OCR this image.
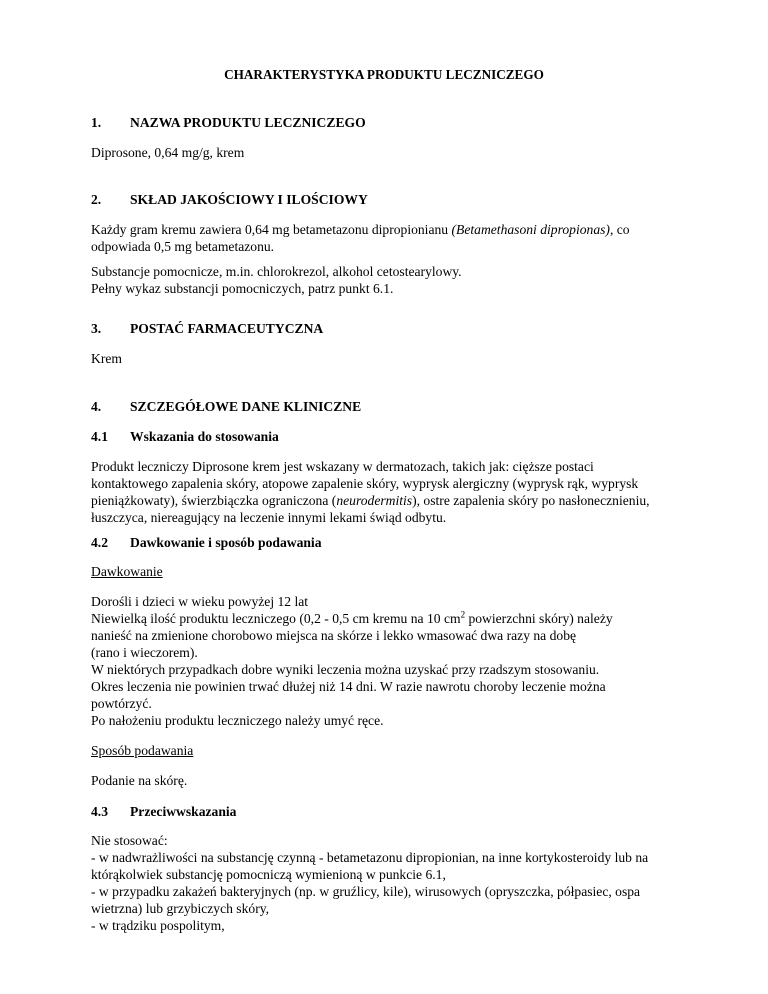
CHARAKTERYSTYKA PRODUKTU LECZNICZEGO
1. NAZWA PRODUKTU LECZNICZEGO

Diprosone, 0,64 mg/g, krem

2. SKŁAD JAKOŚCIOWY I ILOŚCIOWY

Każdy gram kremu zawiera 0,64 mg betametazonu dipropionianu (Betamethasoni dipropionas), co
odpowiada 0,5 mg betametazonu.

Substancje pomocnicze, m.in. chlorokrezol, alkohol cetostearylowy.
Pełny wykaz substancji pomocniczych, patrz punkt 6.1.

3. POSTAĆ FARMACEUTYCZNA

Krem

4. SZCZEGÓŁOWE DANE KLINICZNE
4.1 Wskazania do stosowania

Produkt leczniczy Diprosone krem jest wskazany w dermatozach, takich jak: cięższe postaci
kontaktowego zapalenia skóry, atopowe zapalenie skóry, wyprysk alergiczny (wyprysk rąk, wyprysk
pieniążkowaty), świerzbiączka ograniczona (neurodermitis), ostre zapalenia skóry po nasłonecznieniu,
łuszczyca, niereagujący na leczenie innymi lekami świąd odbytu.

4.2 Dawkowanie i sposób podawania

Dawkowanie

Dorośli i dzieci w wieku powyżej 12 lat
Niewielką ilość produktu leczniczego (0,2 - 0,5 cm kremu na 10 $cm^2$ powierzchni skóry) należy
nanieść na zmienione chorobowo miejsca na skórze i lekko wmasować dwa razy na dobę
(rano i wieczorem).
W niektórych przypadkach dobre wyniki leczenia można uzyskać przy rzadszym stosowaniu.
Okres leczenia nie powinien trwać dłużej niż 14 dni. W razie nawrotu choroby leczenie można
powtórzyć.

Po nałożeniu produktu leczniczego należy umyć ręce.

Sposób podawania

Podanie na skórę.

4.3 Przeciwwskazania

Nie stosować:
- w nadwrażliwości na substancję czynną - betametazonu dipropionian, na inne kortykosteroidy lub na
którąkolwiek substancję pomocniczą wymienioną w punkcie 6.1,
- w przypadku zakażeń bakteryjnych (np. w gruźlicy, kile), wirusowych (opryszczka, półpasiec, ospa
wietrzna) lub grzybiczych skóry,
- w trądziku pospolitym,
